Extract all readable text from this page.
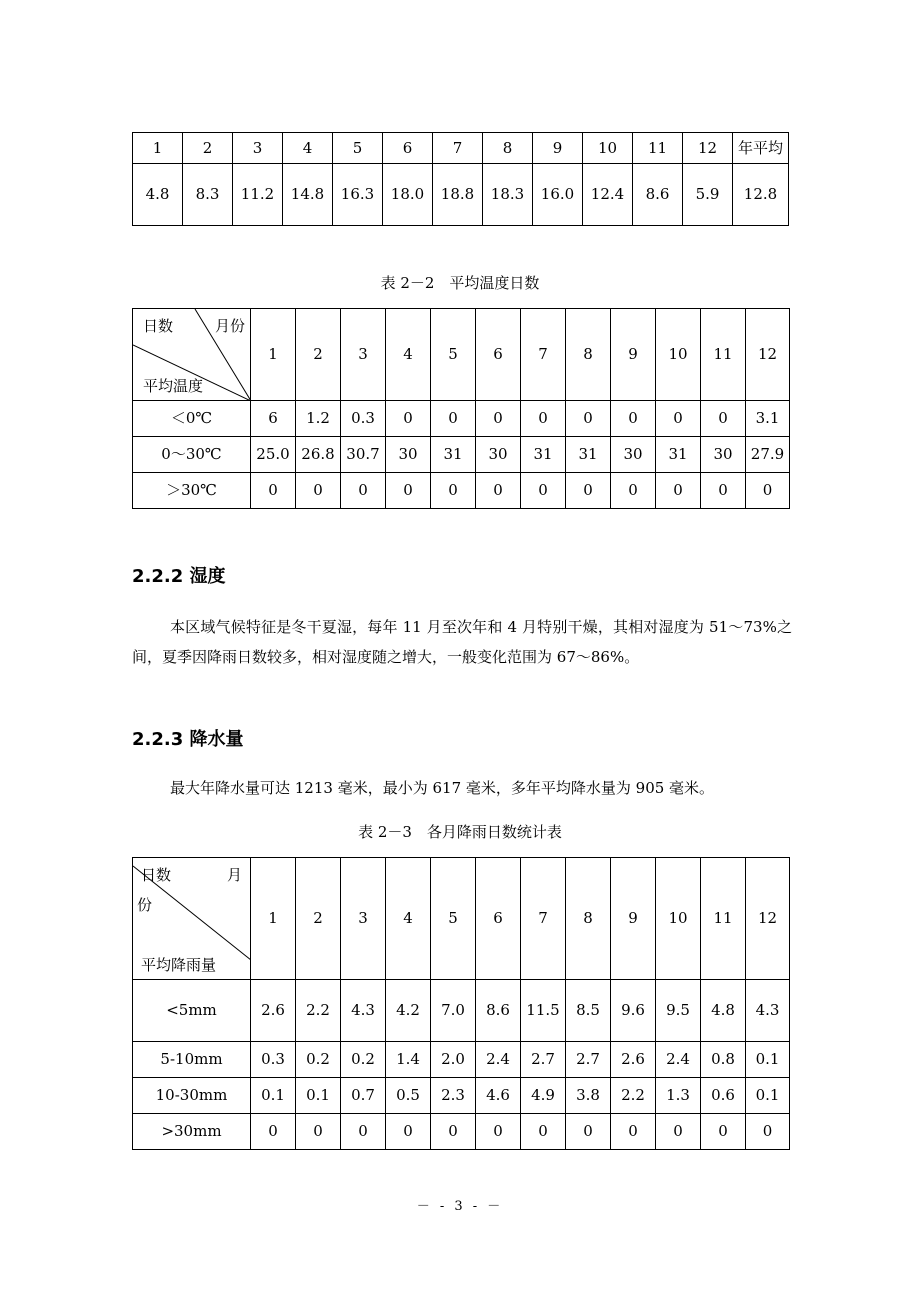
1	2	3	4	5	6	7	8	9	10	11	12	年平均
4.8	8.3	11.2	14.8	16.3	18.0	18.8	18.3	16.0	12.4	8.6	5.9	12.8
表 2－2　平均温度日数
日数 月份
平均温度	1	2	3	4	5	6	7	8	9	10	11	12
＜0℃	6	1.2	0.3	0	0	0	0	0	0	0	0	3.1
0～30℃	25.0	26.8	30.7	30	31	30	31	31	30	31	30	27.9
＞30℃	0	0	0	0	0	0	0	0	0	0	0	0
2.2.2 湿度
本区域气候特征是冬干夏湿，每年 11 月至次年和 4 月特别干燥，其相对湿度为 51～73%之间，夏季因降雨日数较多，相对湿度随之增大，一般变化范围为 67～86%。
2.2.3 降水量
最大年降水量可达 1213 毫米，最小为 617 毫米，多年平均降水量为 905 毫米。
表 2－3　各月降雨日数统计表
日数 月
份
平均降雨量	1	2	3	4	5	6	7	8	9	10	11	12
<5mm	2.6	2.2	4.3	4.2	7.0	8.6	11.5	8.5	9.6	9.5	4.8	4.3
5-10mm	0.3	0.2	0.2	1.4	2.0	2.4	2.7	2.7	2.6	2.4	0.8	0.1
10-30mm	0.1	0.1	0.7	0.5	2.3	4.6	4.9	3.8	2.2	1.3	0.6	0.1
>30mm	0	0	0	0	0	0	0	0	0	0	0	0
－ - 3 - －
